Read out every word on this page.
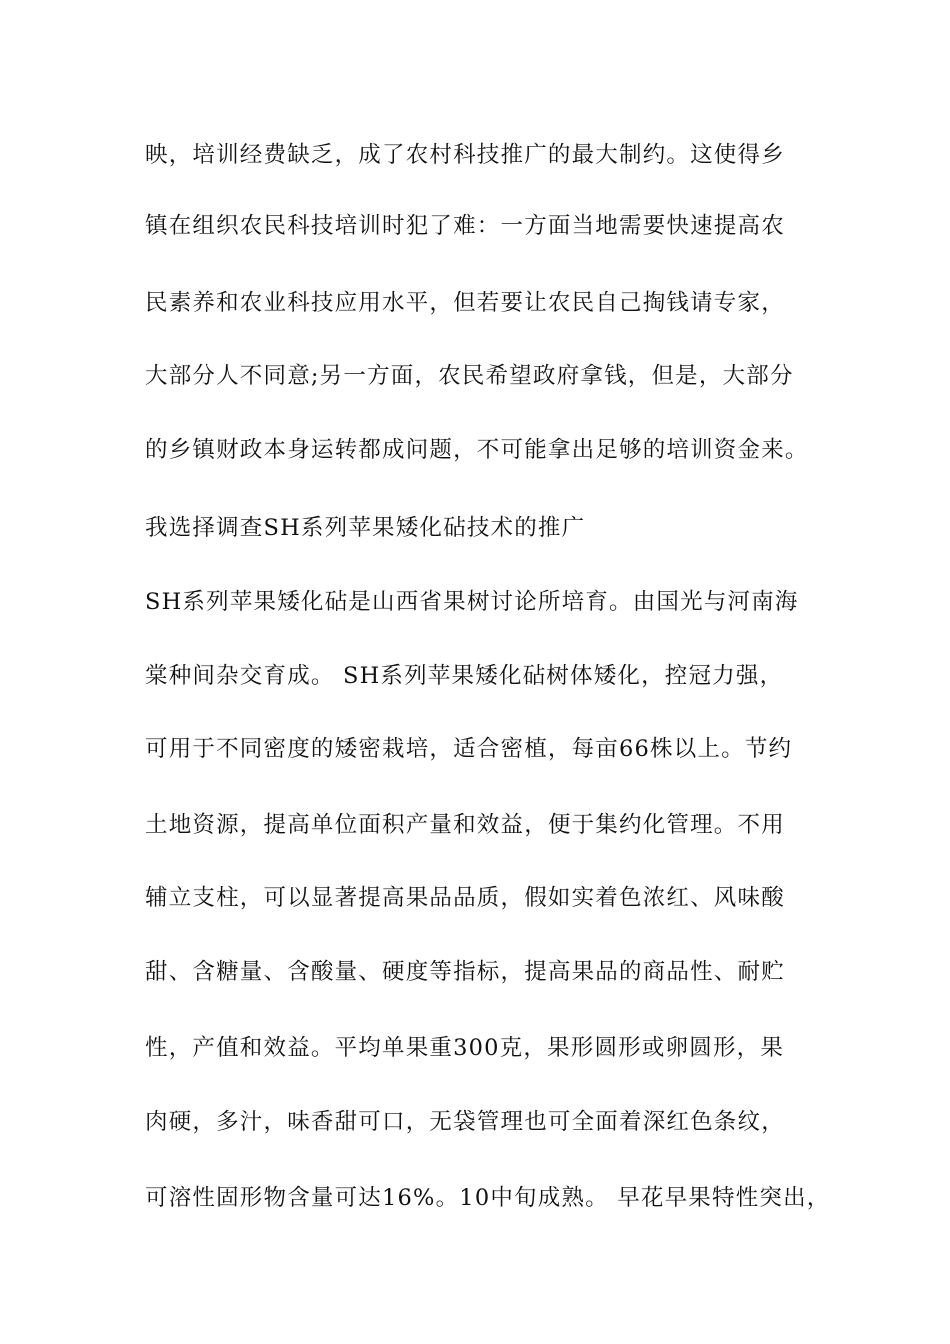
映，培训经费缺乏，成了农村科技推广的最大制约。这使得乡
镇在组织农民科技培训时犯了难：一方面当地需要快速提高农
民素养和农业科技应用水平，但若要让农民自己掏钱请专家，
大部分人不同意;另一方面，农民希望政府拿钱，但是，大部分
的乡镇财政本身运转都成问题，不可能拿出足够的培训资金来。
我选择调查SH系列苹果矮化砧技术的推广
SH系列苹果矮化砧是山西省果树讨论所培育。由国光与河南海
棠种间杂交育成。 SH系列苹果矮化砧树体矮化，控冠力强，
可用于不同密度的矮密栽培，适合密植，每亩66株以上。节约
土地资源，提高单位面积产量和效益，便于集约化管理。不用
辅立支柱，可以显著提高果品品质，假如实着色浓红、风味酸
甜、含糖量、含酸量、硬度等指标，提高果品的商品性、耐贮
性，产值和效益。平均单果重300克，果形圆形或卵圆形，果
肉硬，多汁，味香甜可口，无袋管理也可全面着深红色条纹，
可溶性固形物含量可达16%。10中旬成熟。 早花早果特性突出，
